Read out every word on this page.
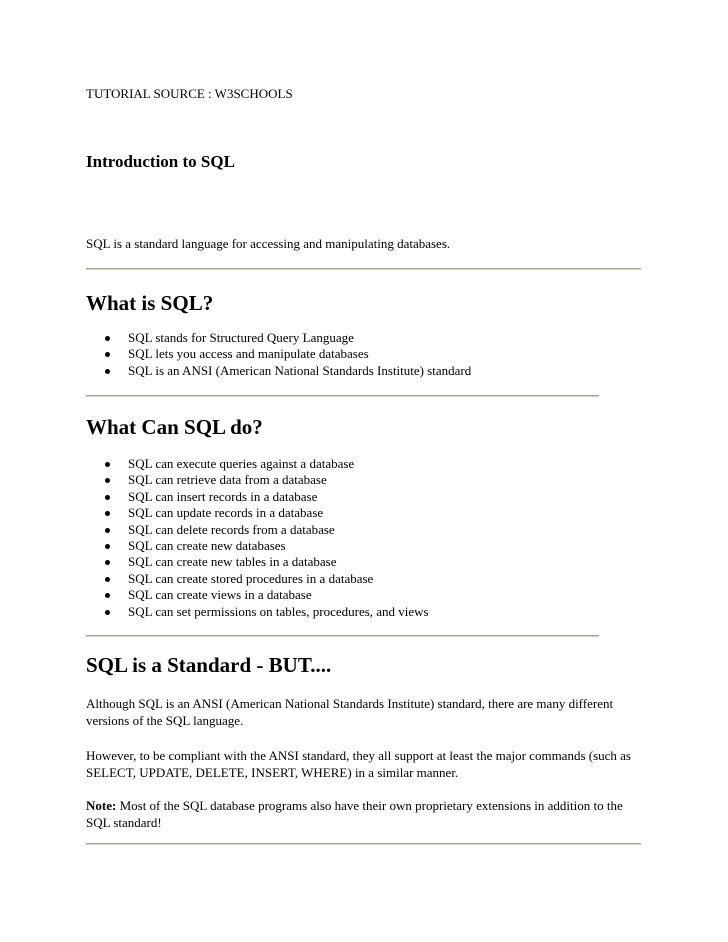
TUTORIAL SOURCE : W3SCHOOLS
Introduction to SQL
SQL is a standard language for accessing and manipulating databases.
What is SQL?
SQL stands for Structured Query Language
SQL lets you access and manipulate databases
SQL is an ANSI (American National Standards Institute) standard
What Can SQL do?
SQL can execute queries against a database
SQL can retrieve data from a database
SQL can insert records in a database
SQL can update records in a database
SQL can delete records from a database
SQL can create new databases
SQL can create new tables in a database
SQL can create stored procedures in a database
SQL can create views in a database
SQL can set permissions on tables, procedures, and views
SQL is a Standard - BUT....
Although SQL is an ANSI (American National Standards Institute) standard, there are many different versions of the SQL language.
However, to be compliant with the ANSI standard, they all support at least the major commands (such as SELECT, UPDATE, DELETE, INSERT, WHERE) in a similar manner.
Note: Most of the SQL database programs also have their own proprietary extensions in addition to the SQL standard!
